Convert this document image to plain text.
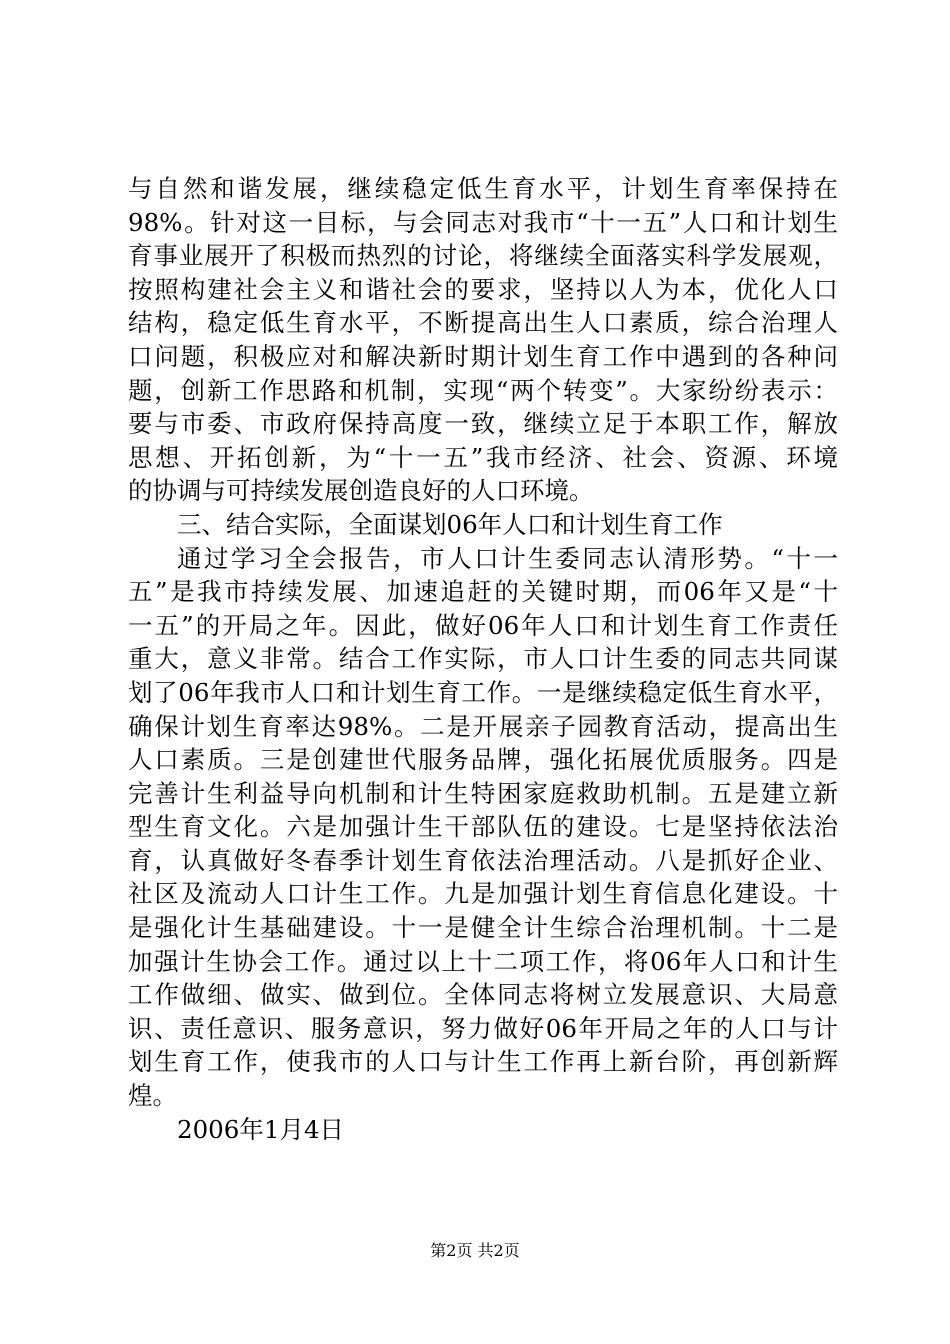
与自然和谐发展，继续稳定低生育水平，计划生育率保持在
98%。针对这一目标，与会同志对我市“十一五”人口和计划生
育事业展开了积极而热烈的讨论，将继续全面落实科学发展观，
按照构建社会主义和谐社会的要求，坚持以人为本，优化人口
结构，稳定低生育水平，不断提高出生人口素质，综合治理人
口问题，积极应对和解决新时期计划生育工作中遇到的各种问
题，创新工作思路和机制，实现“两个转变”。大家纷纷表示：
要与市委、市政府保持高度一致，继续立足于本职工作，解放
思想、开拓创新，为“十一五”我市经济、社会、资源、环境
的协调与可持续发展创造良好的人口环境。
三、结合实际，全面谋划06年人口和计划生育工作
通过学习全会报告，市人口计生委同志认清形势。“十一
五”是我市持续发展、加速追赶的关键时期，而06年又是“十
一五”的开局之年。因此，做好06年人口和计划生育工作责任
重大，意义非常。结合工作实际，市人口计生委的同志共同谋
划了06年我市人口和计划生育工作。一是继续稳定低生育水平，
确保计划生育率达98%。二是开展亲子园教育活动，提高出生
人口素质。三是创建世代服务品牌，强化拓展优质服务。四是
完善计生利益导向机制和计生特困家庭救助机制。五是建立新
型生育文化。六是加强计生干部队伍的建设。七是坚持依法治
育，认真做好冬春季计划生育依法治理活动。八是抓好企业、
社区及流动人口计生工作。九是加强计划生育信息化建设。十
是强化计生基础建设。十一是健全计生综合治理机制。十二是
加强计生协会工作。通过以上十二项工作，将06年人口和计生
工作做细、做实、做到位。全体同志将树立发展意识、大局意
识、责任意识、服务意识，努力做好06年开局之年的人口与计
划生育工作，使我市的人口与计生工作再上新台阶，再创新辉
煌。
2006年1月4日
第2页 共2页
